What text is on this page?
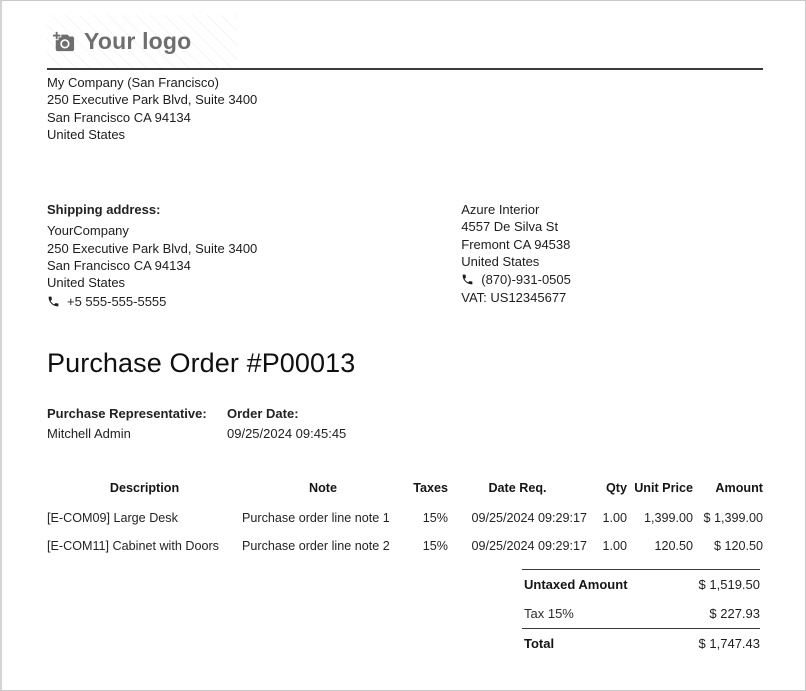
Your logo
My Company (San Francisco)
250 Executive Park Blvd, Suite 3400
San Francisco CA 94134
United States
Shipping address:
YourCompany
250 Executive Park Blvd, Suite 3400
San Francisco CA 94134
United States
+5 555-555-5555
Azure Interior
4557 De Silva St
Fremont CA 94538
United States
(870)-931-0505
VAT: US12345677
Purchase Order #P00013
Purchase Representative:
Mitchell Admin
Order Date:
09/25/2024 09:45:45
Description	Note	Taxes	Date Req.	Qty	Unit Price	Amount
[E-COM09] Large Desk	Purchase order line note 1	15%	09/25/2024 09:29:17	1.00	1,399.00	$ 1,399.00
[E-COM11] Cabinet with Doors	Purchase order line note 2	15%	09/25/2024 09:29:17	1.00	120.50	$ 120.50
Untaxed Amount	$ 1,519.50
Tax 15%	$ 227.93
Total	$ 1,747.43
